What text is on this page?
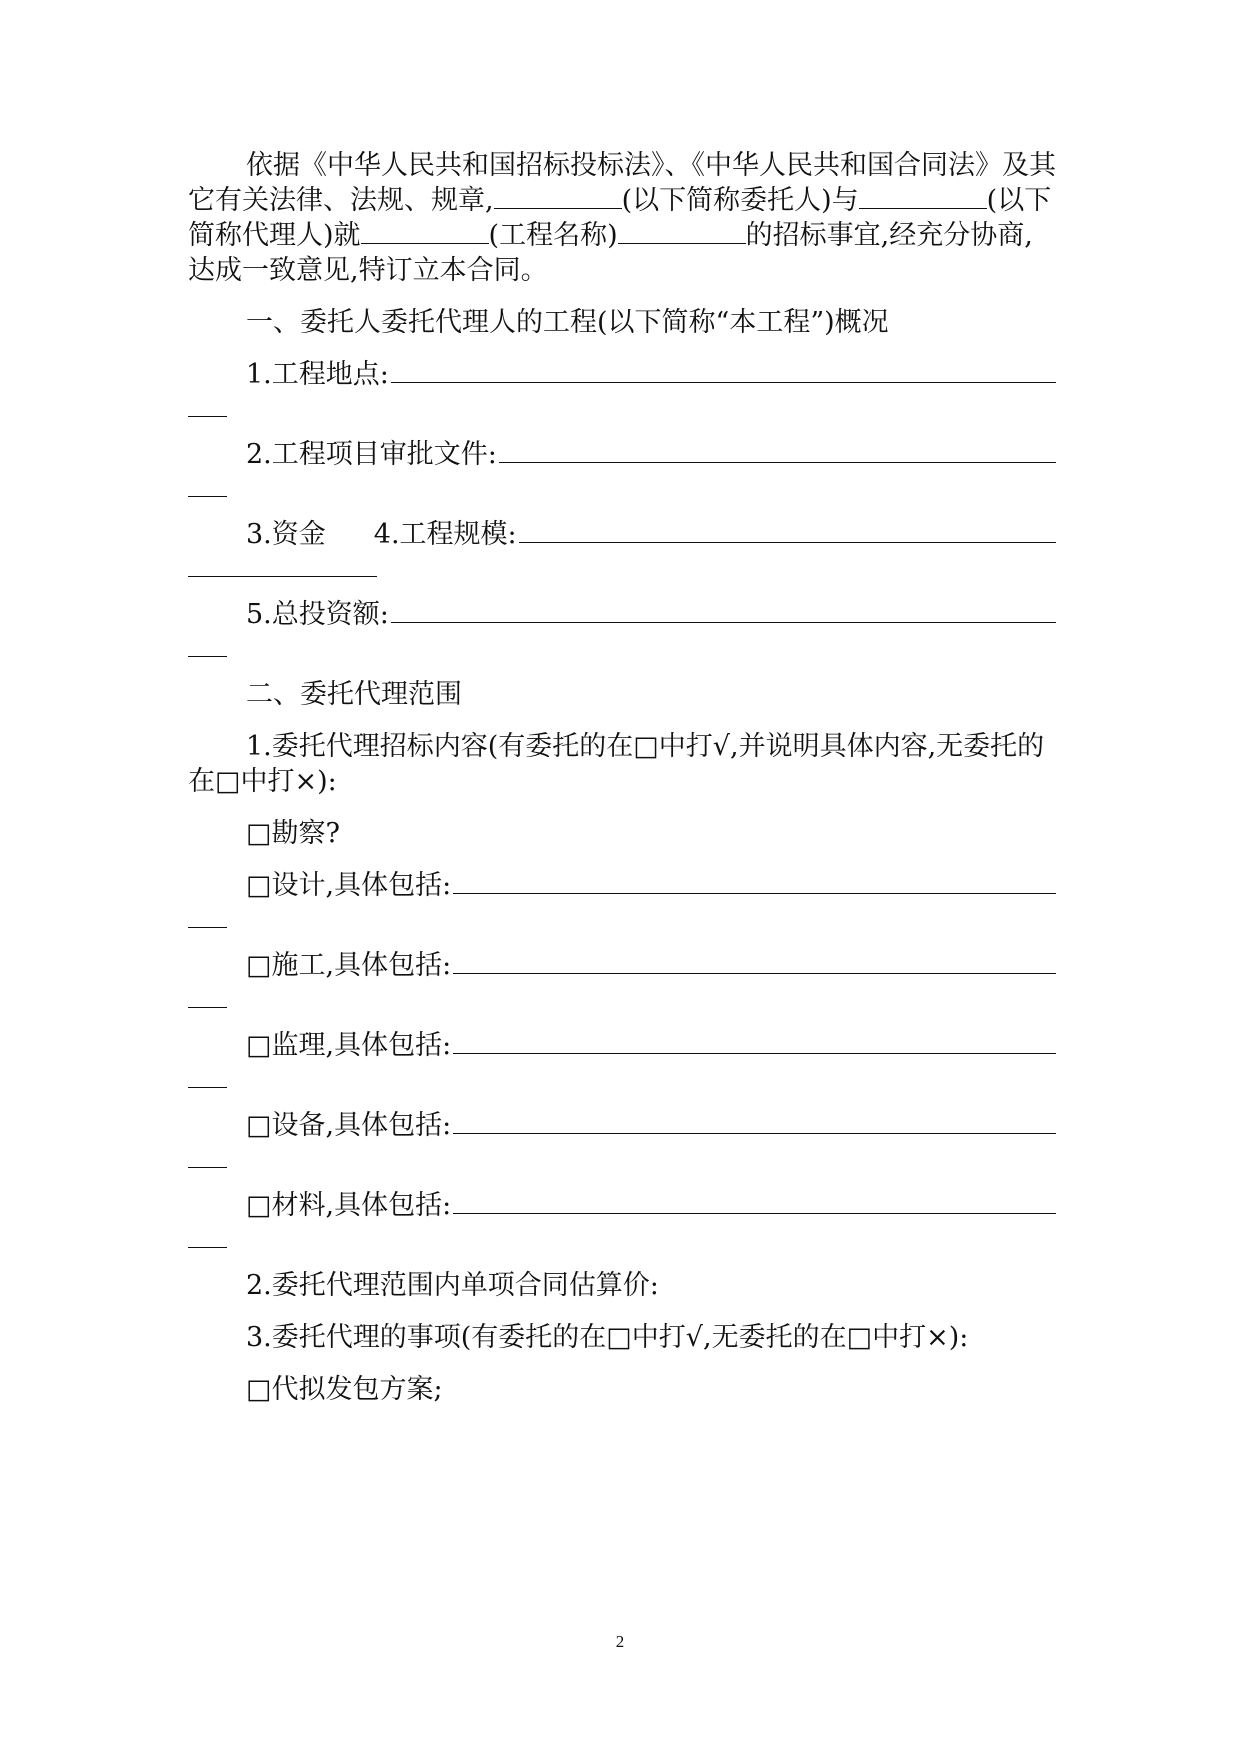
依据《中华人民共和国招标投标法》、《中华人民共和国合同法》及其它有关法律、法规、规章,	(以下简称委托人)与	(以下简称代理人)就	(工程名称)	的招标事宜,经充分协商,达成一致意见,特订立本合同。

一、委托人委托代理人的工程(以下简称“本工程”)概况

1.工程地点:
2.工程项目审批文件:
3.资金 4.工程规模:
5.总投资额:

二、委托代理范围

1.委托代理招标内容(有委托的在□中打√,并说明具体内容,无委托的在□中打×):

□勘察?

□设计,具体包括:
□施工,具体包括:
□监理,具体包括:
□设备,具体包括:
□材料,具体包括:

2.委托代理范围内单项合同估算价:

3.委托代理的事项(有委托的在□中打√,无委托的在□中打×):

□代拟发包方案;

2
